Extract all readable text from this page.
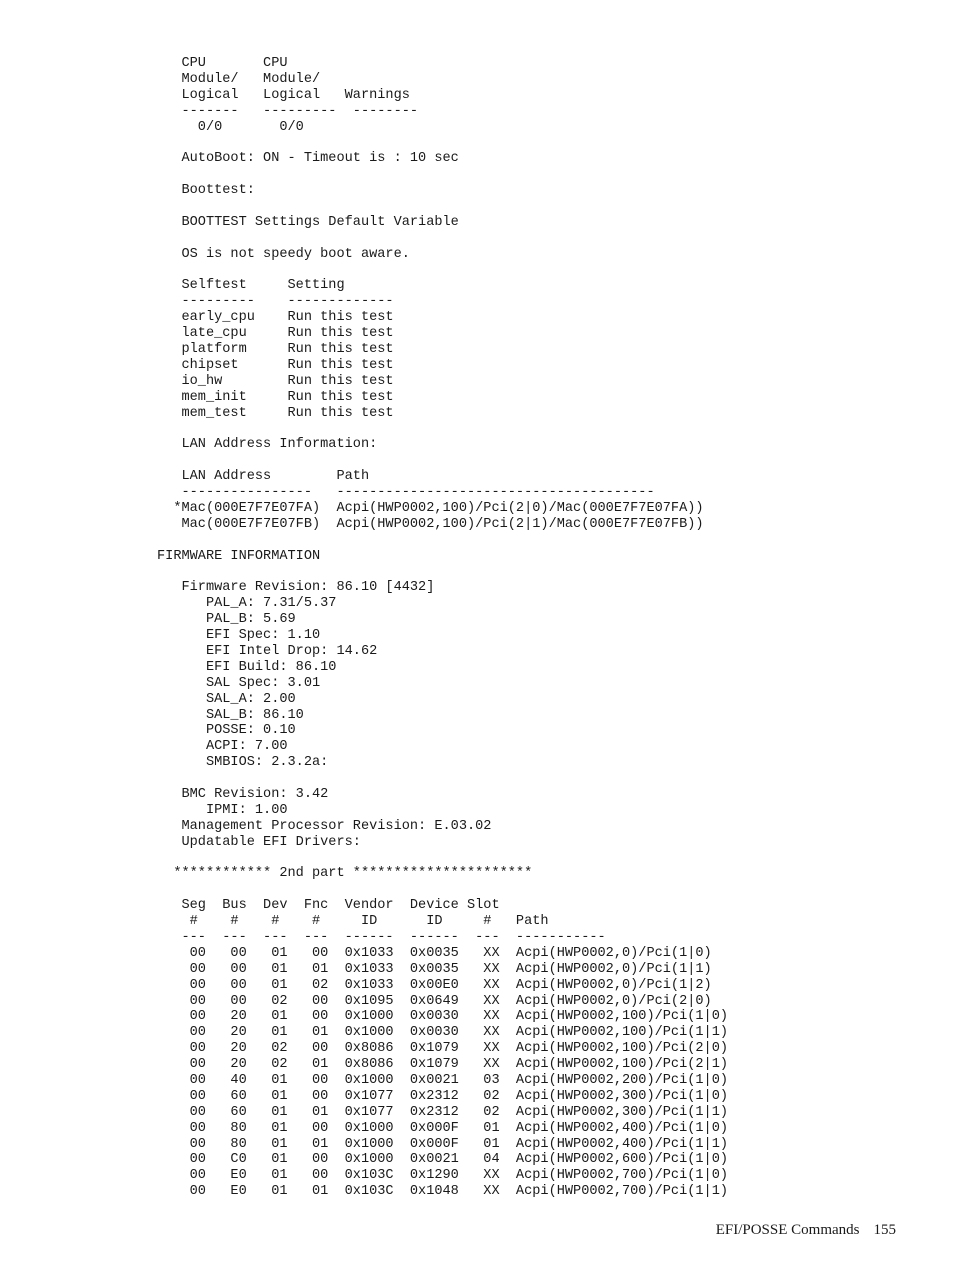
CPU       CPU
Module/   Module/
Logical   Logical   Warnings
-------   ---------  --------
0/0       0/0
AutoBoot: ON - Timeout is : 10 sec
Boottest:
BOOTTEST Settings Default Variable
OS is not speedy boot aware.
Selftest     Setting
---------    -------------
early_cpu    Run this test
late_cpu     Run this test
platform     Run this test
chipset      Run this test
io_hw        Run this test
mem_init     Run this test
mem_test     Run this test
LAN Address Information:
LAN Address        Path
----------------   ---------------------------------------
*Mac(000E7F7E07FA)  Acpi(HWP0002,100)/Pci(2|0)/Mac(000E7F7E07FA))
Mac(000E7F7E07FB)  Acpi(HWP0002,100)/Pci(2|1)/Mac(000E7F7E07FB))
FIRMWARE INFORMATION
Firmware Revision: 86.10 [4432]
PAL_A: 7.31/5.37
PAL_B: 5.69
EFI Spec: 1.10
EFI Intel Drop: 14.62
EFI Build: 86.10
SAL Spec: 3.01
SAL_A: 2.00
SAL_B: 86.10
POSSE: 0.10
ACPI: 7.00
SMBIOS: 2.3.2a:
BMC Revision: 3.42
IPMI: 1.00
Management Processor Revision: E.03.02
Updatable EFI Drivers:
************ 2nd part **********************
Seg  Bus  Dev  Fnc  Vendor  Device Slot
#    #    #    #     ID      ID     #   Path
---  ---  ---  ---  ------  ------  ---  -----------
00   00   01   00  0x1033  0x0035   XX  Acpi(HWP0002,0)/Pci(1|0)
00   00   01   01  0x1033  0x0035   XX  Acpi(HWP0002,0)/Pci(1|1)
00   00   01   02  0x1033  0x00E0   XX  Acpi(HWP0002,0)/Pci(1|2)
00   00   02   00  0x1095  0x0649   XX  Acpi(HWP0002,0)/Pci(2|0)
00   20   01   00  0x1000  0x0030   XX  Acpi(HWP0002,100)/Pci(1|0)
00   20   01   01  0x1000  0x0030   XX  Acpi(HWP0002,100)/Pci(1|1)
00   20   02   00  0x8086  0x1079   XX  Acpi(HWP0002,100)/Pci(2|0)
00   20   02   01  0x8086  0x1079   XX  Acpi(HWP0002,100)/Pci(2|1)
00   40   01   00  0x1000  0x0021   03  Acpi(HWP0002,200)/Pci(1|0)
00   60   01   00  0x1077  0x2312   02  Acpi(HWP0002,300)/Pci(1|0)
00   60   01   01  0x1077  0x2312   02  Acpi(HWP0002,300)/Pci(1|1)
00   80   01   00  0x1000  0x000F   01  Acpi(HWP0002,400)/Pci(1|0)
00   80   01   01  0x1000  0x000F   01  Acpi(HWP0002,400)/Pci(1|1)
00   C0   01   00  0x1000  0x0021   04  Acpi(HWP0002,600)/Pci(1|0)
00   E0   01   00  0x103C  0x1290   XX  Acpi(HWP0002,700)/Pci(1|0)
00   E0   01   01  0x103C  0x1048   XX  Acpi(HWP0002,700)/Pci(1|1)
EFI/POSSE Commands 155
